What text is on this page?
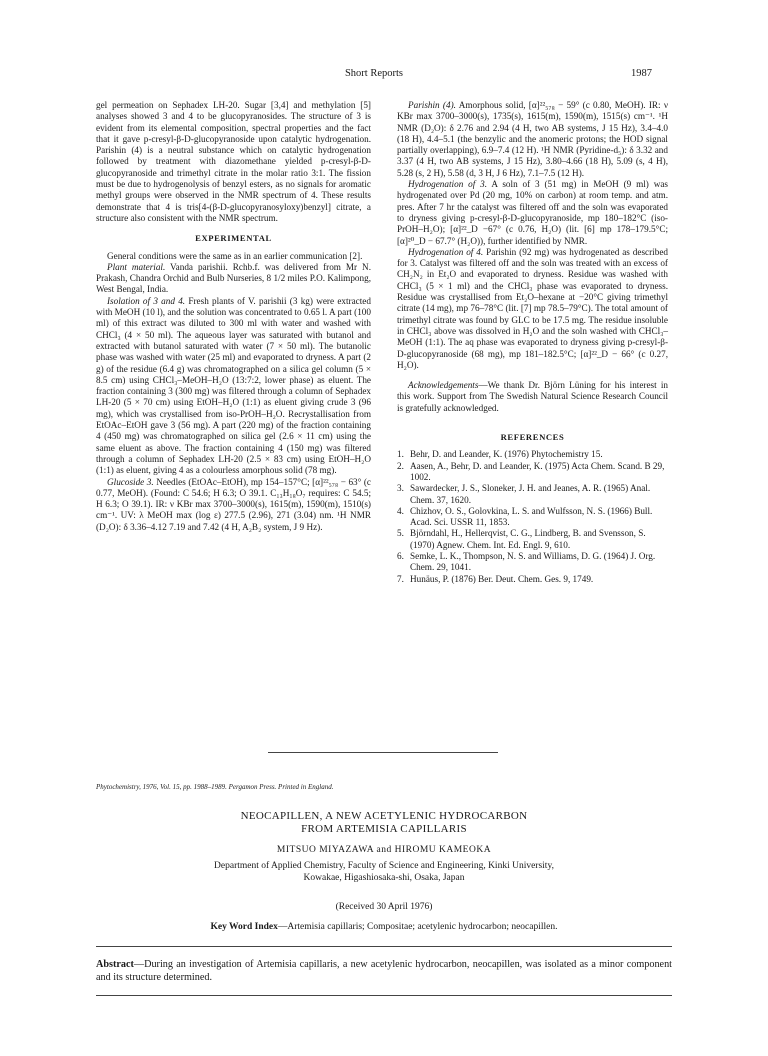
Short Reports	1987

gel permeation on Sephadex LH-20. Sugar [3,4] and methylation [5] analyses showed 3 and 4 to be glucopyranosides. The structure of 3 is evident from its elemental composition, spectral properties and the fact that it gave p-cresyl-β-D-glucopyranoside upon catalytic hydrogenation. Parishin (4) is a neutral substance which on catalytic hydrogenation followed by treatment with diazomethane yielded p-cresyl-β-D-glucopyranoside and trimethyl citrate in the molar ratio 3:1. The fission must be due to hydrogenolysis of benzyl esters, as no signals for aromatic methyl groups were observed in the NMR spectrum of 4. These results demonstrate that 4 is tris[4-(β-D-glucopyranosyloxy)benzyl] citrate, a structure also consistent with the NMR spectrum.

EXPERIMENTAL

General conditions were the same as in an earlier communication [2].

Plant material. Vanda parishii. Rchb.f. was delivered from Mr N. Prakash, Chandra Orchid and Bulb Nurseries, 8 1/2 miles P.O. Kalimpong, West Bengal, India.

Isolation of 3 and 4. Fresh plants of V. parishii (3 kg) were extracted with MeOH (10 l), and the solution was concentrated to 0.65 l. A part (100 ml) of this extract was diluted to 300 ml with water and washed with CHCl₃ (4 × 50 ml). The aqueous layer was saturated with butanol and extracted with butanol saturated with water (7 × 50 ml). The butanolic phase was washed with water (25 ml) and evaporated to dryness. A part (2 g) of the residue (6.4 g) was chromatographed on a silica gel column (5 × 8.5 cm) using CHCl₃–MeOH–H₂O (13:7:2, lower phase) as eluent. The fraction containing 3 (300 mg) was filtered through a column of Sephadex LH-20 (5 × 70 cm) using EtOH–H₂O (1:1) as eluent giving crude 3 (96 mg), which was crystallised from iso-PrOH–H₂O. Recrystallisation from EtOAc–EtOH gave 3 (56 mg). A part (220 mg) of the fraction containing 4 (450 mg) was chromatographed on silica gel (2.6 × 11 cm) using the same eluent as above. The fraction containing 4 (150 mg) was filtered through a column of Sephadex LH-20 (2.5 × 83 cm) using EtOH–H₂O (1:1) as eluent, giving 4 as a colourless amorphous solid (78 mg).

Glucoside 3. Needles (EtOAc–EtOH), mp 154–157°C; [α]²²₅₇₈ − 63° (c 0.77, MeOH). (Found: C 54.6; H 6.3; O 39.1. C₁₃H₁₈O₇ requires: C 54.5; H 6.3; O 39.1). IR: ν KBr max 3700–3000(s), 1615(m), 1590(m), 1510(s) cm⁻¹. UV: λ MeOH max (log ε) 277.5 (2.96), 271 (3.04) nm. ¹H NMR (D₂O): δ 3.36–4.12 7.19 and 7.42 (4 H, A₂B₂ system, J 9 Hz).

Parishin (4). Amorphous solid, [α]²²₅₇₈ − 59° (c 0.80, MeOH). IR: ν KBr max 3700–3000(s), 1735(s), 1615(m), 1590(m), 1515(s) cm⁻¹. ¹H NMR (D₂O): δ 2.76 and 2.94 (4 H, two AB systems, J 15 Hz), 3.4–4.0 (18 H), 4.4–5.1 (the benzylic and the anomeric protons; the HOD signal partially overlapping), 6.9–7.4 (12 H). ¹H NMR (Pyridine-d₅): δ 3.32 and 3.37 (4 H, two AB systems, J 15 Hz), 3.80–4.66 (18 H), 5.09 (s, 4 H), 5.28 (s, 2 H), 5.58 (d, 3 H, J 6 Hz), 7.1–7.5 (12 H).

Hydrogenation of 3. A soln of 3 (51 mg) in MeOH (9 ml) was hydrogenated over Pd (20 mg, 10% on carbon) at room temp. and atm. pres. After 7 hr the catalyst was filtered off and the soln was evaporated to dryness giving p-cresyl-β-D-glucopyranoside, mp 180–182°C (iso-PrOH–H₂O); [α]²²_D −67° (c 0.76, H₂O) (lit. [6] mp 178–179.5°C; [α]²⁰_D − 67.7° (H₂O)), further identified by NMR.

Hydrogenation of 4. Parishin (92 mg) was hydrogenated as described for 3. Catalyst was filtered off and the soln was treated with an excess of CH₂N₂ in Et₂O and evaporated to dryness. Residue was washed with CHCl₃ (5 × 1 ml) and the CHCl₃ phase was evaporated to dryness. Residue was crystallised from Et₂O–hexane at −20°C giving trimethyl citrate (14 mg), mp 76–78°C (lit. [7] mp 78.5–79°C). The total amount of trimethyl citrate was found by GLC to be 17.5 mg. The residue insoluble in CHCl₃ above was dissolved in H₂O and the soln washed with CHCl₃–MeOH (1:1). The aq phase was evaporated to dryness giving p-cresyl-β-D-glucopyranoside (68 mg), mp 181–182.5°C; [α]²²_D − 66° (c 0.27, H₂O).

Acknowledgements—We thank Dr. Björn Lüning for his interest in this work. Support from The Swedish Natural Science Research Council is gratefully acknowledged.

REFERENCES
1. Behr, D. and Leander, K. (1976) Phytochemistry 15.
2. Aasen, A., Behr, D. and Leander, K. (1975) Acta Chem. Scand. B 29, 1002.
3. Sawardecker, J. S., Sloneker, J. H. and Jeanes, A. R. (1965) Anal. Chem. 37, 1620.
4. Chizhov, O. S., Golovkina, L. S. and Wulfsson, N. S. (1966) Bull. Acad. Sci. USSR 11, 1853.
5. Björndahl, H., Hellerqvist, C. G., Lindberg, B. and Svensson, S. (1970) Agnew. Chem. Int. Ed. Engl. 9, 610.
6. Semke, L. K., Thompson, N. S. and Williams, D. G. (1964) J. Org. Chem. 29, 1041.
7. Hunäus, P. (1876) Ber. Deut. Chem. Ges. 9, 1749.
Phytochemistry, 1976, Vol. 15, pp. 1988–1989. Pergamon Press. Printed in England.
NEOCAPILLEN, A NEW ACETYLENIC HYDROCARBON
FROM ARTEMISIA CAPILLARIS
MITSUO MIYAZAWA and HIROMU KAMEOKA
Department of Applied Chemistry, Faculty of Science and Engineering, Kinki University,
Kowakae, Higashiosaka-shi, Osaka, Japan
(Received 30 April 1976)
Key Word Index—Artemisia capillaris; Compositae; acetylenic hydrocarbon; neocapillen.
Abstract—During an investigation of Artemisia capillaris, a new acetylenic hydrocarbon, neocapillen, was isolated as a minor component and its structure determined.
